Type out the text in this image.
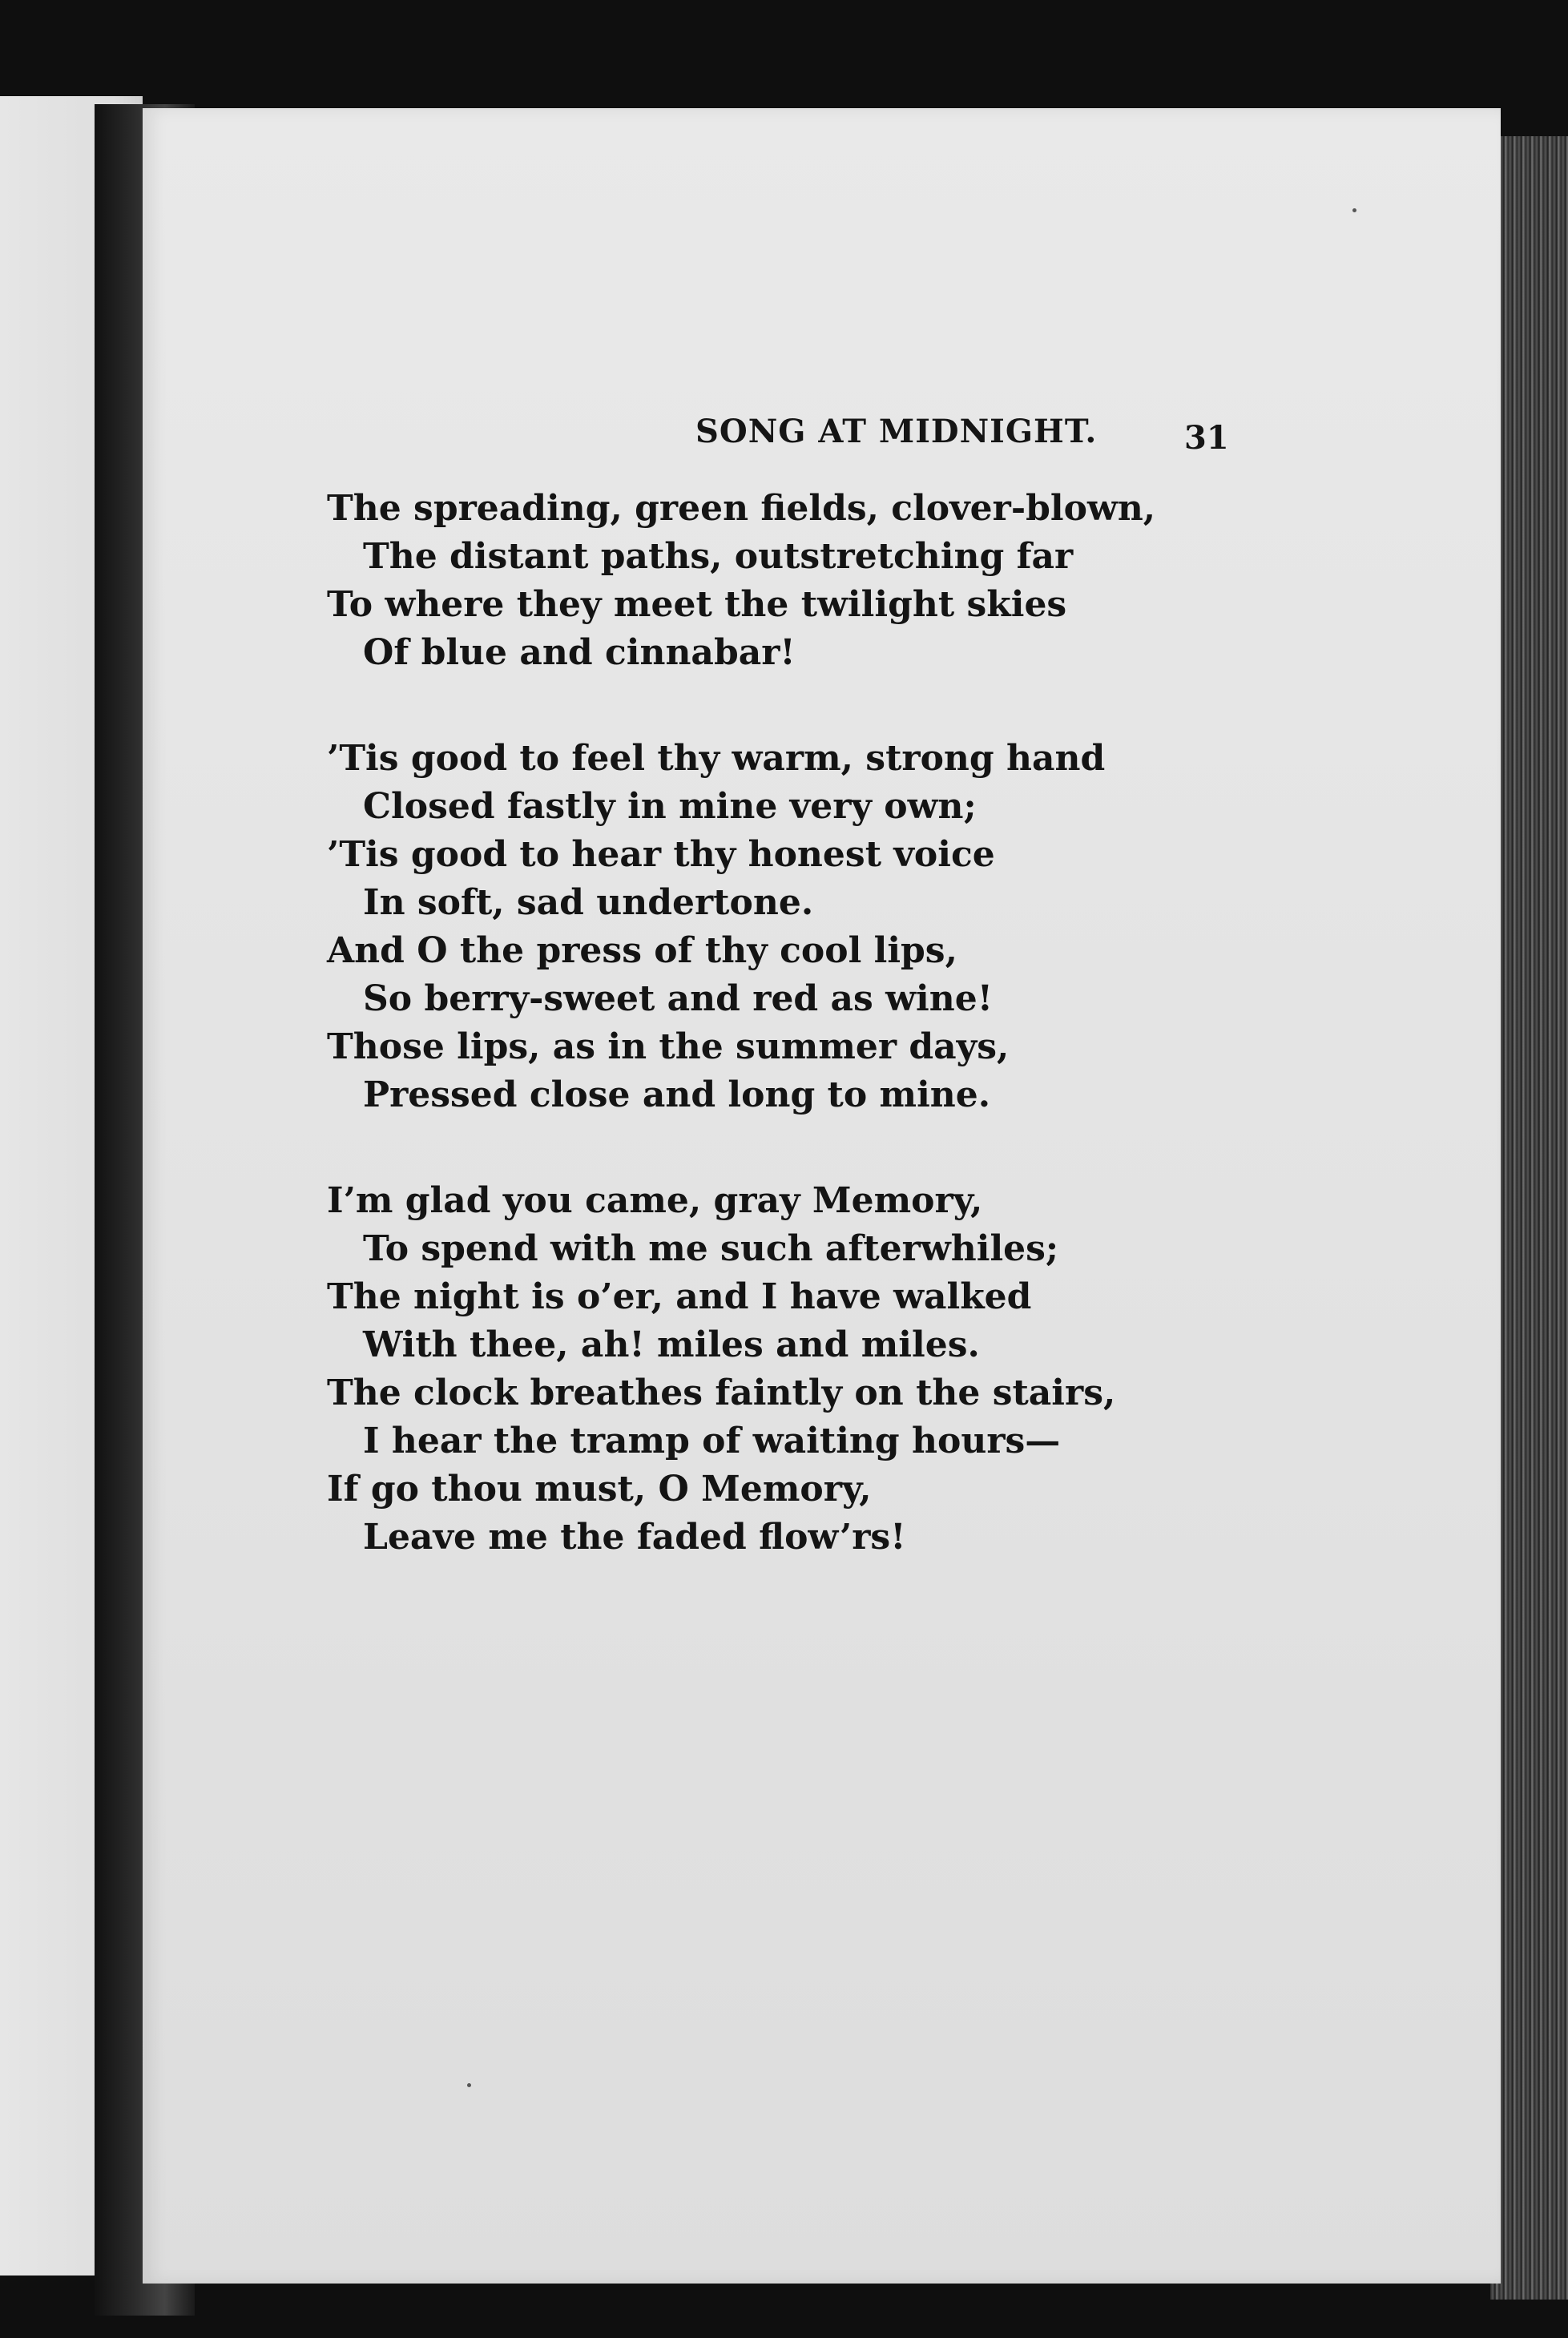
SONG AT MIDNIGHT.	31
The spreading, green fields, clover-blown,
The distant paths, outstretching far
To where they meet the twilight skies
Of blue and cinnabar!
’Tis good to feel thy warm, strong hand
Closed fastly in mine very own;
’Tis good to hear thy honest voice
In soft, sad undertone.
And O the press of thy cool lips,
So berry-sweet and red as wine!
Those lips, as in the summer days,
Pressed close and long to mine.
I’m glad you came, gray Memory,
To spend with me such afterwhiles;
The night is o’er, and I have walked
With thee, ah! miles and miles.
The clock breathes faintly on the stairs,
I hear the tramp of waiting hours—
If go thou must, O Memory,
Leave me the faded flow’rs!
